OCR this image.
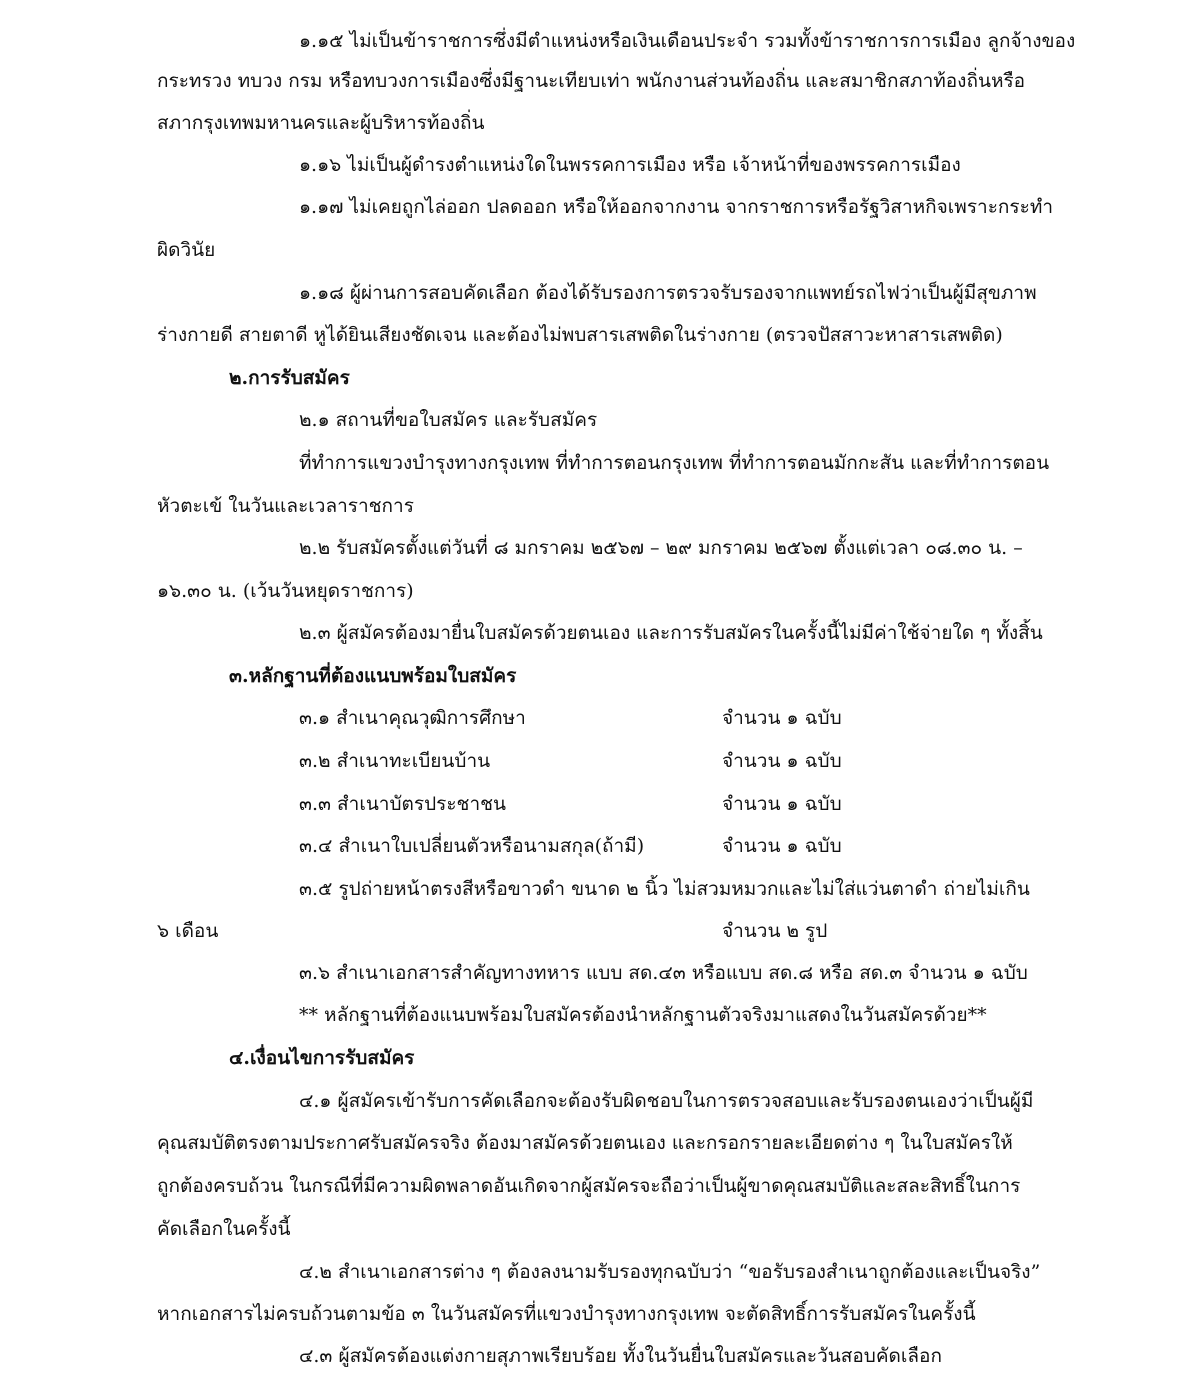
๑.๑๕ ไม่เป็นข้าราชการซึ่งมีตำแหน่งหรือเงินเดือนประจำ รวมทั้งข้าราชการการเมือง ลูกจ้างของ
กระทรวง ทบวง กรม หรือทบวงการเมืองซึ่งมีฐานะเทียบเท่า พนักงานส่วนท้องถิ่น และสมาชิกสภาท้องถิ่นหรือ
สภากรุงเทพมหานครและผู้บริหารท้องถิ่น
๑.๑๖ ไม่เป็นผู้ดำรงตำแหน่งใดในพรรคการเมือง หรือ เจ้าหน้าที่ของพรรคการเมือง
๑.๑๗ ไม่เคยถูกไล่ออก ปลดออก หรือให้ออกจากงาน จากราชการหรือรัฐวิสาหกิจเพราะกระทำ
ผิดวินัย
๑.๑๘ ผู้ผ่านการสอบคัดเลือก ต้องได้รับรองการตรวจรับรองจากแพทย์รถไฟว่าเป็นผู้มีสุขภาพ
ร่างกายดี สายตาดี หูได้ยินเสียงชัดเจน และต้องไม่พบสารเสพติดในร่างกาย (ตรวจปัสสาวะหาสารเสพติด)
๒.การรับสมัคร
๒.๑ สถานที่ขอใบสมัคร และรับสมัคร
ที่ทำการแขวงบำรุงทางกรุงเทพ ที่ทำการตอนกรุงเทพ ที่ทำการตอนมักกะสัน และที่ทำการตอน
หัวตะเข้ ในวันและเวลาราชการ
๒.๒ รับสมัครตั้งแต่วันที่ ๘ มกราคม ๒๕๖๗ – ๒๙ มกราคม ๒๕๖๗ ตั้งแต่เวลา ๐๘.๓๐ น. –
๑๖.๓๐ น. (เว้นวันหยุดราชการ)
๒.๓ ผู้สมัครต้องมายื่นใบสมัครด้วยตนเอง และการรับสมัครในครั้งนี้ไม่มีค่าใช้จ่ายใด ๆ ทั้งสิ้น
๓.หลักฐานที่ต้องแนบพร้อมใบสมัคร
๓.๑ สำเนาคุณวุฒิการศึกษา	จำนวน ๑ ฉบับ
๓.๒ สำเนาทะเบียนบ้าน	จำนวน ๑ ฉบับ
๓.๓ สำเนาบัตรประชาชน	จำนวน ๑ ฉบับ
๓.๔ สำเนาใบเปลี่ยนตัวหรือนามสกุล(ถ้ามี)	จำนวน ๑ ฉบับ
๓.๕ รูปถ่ายหน้าตรงสีหรือขาวดำ ขนาด ๒ นิ้ว ไม่สวมหมวกและไม่ใส่แว่นตาดำ ถ่ายไม่เกิน
๖ เดือน	จำนวน ๒ รูป
๓.๖ สำเนาเอกสารสำคัญทางทหาร แบบ สด.๔๓ หรือแบบ สด.๘ หรือ สด.๓ จำนวน ๑ ฉบับ
** หลักฐานที่ต้องแนบพร้อมใบสมัครต้องนำหลักฐานตัวจริงมาแสดงในวันสมัครด้วย**
๔.เงื่อนไขการรับสมัคร
๔.๑ ผู้สมัครเข้ารับการคัดเลือกจะต้องรับผิดชอบในการตรวจสอบและรับรองตนเองว่าเป็นผู้มี
คุณสมบัติตรงตามประกาศรับสมัครจริง ต้องมาสมัครด้วยตนเอง และกรอกรายละเอียดต่าง ๆ ในใบสมัครให้
ถูกต้องครบถ้วน ในกรณีที่มีความผิดพลาดอันเกิดจากผู้สมัครจะถือว่าเป็นผู้ขาดคุณสมบัติและสละสิทธิ์ในการ
คัดเลือกในครั้งนี้
๔.๒ สำเนาเอกสารต่าง ๆ ต้องลงนามรับรองทุกฉบับว่า “ขอรับรองสำเนาถูกต้องและเป็นจริง”
หากเอกสารไม่ครบถ้วนตามข้อ ๓ ในวันสมัครที่แขวงบำรุงทางกรุงเทพ จะตัดสิทธิ์การรับสมัครในครั้งนี้
๔.๓ ผู้สมัครต้องแต่งกายสุภาพเรียบร้อย ทั้งในวันยื่นใบสมัครและวันสอบคัดเลือก
